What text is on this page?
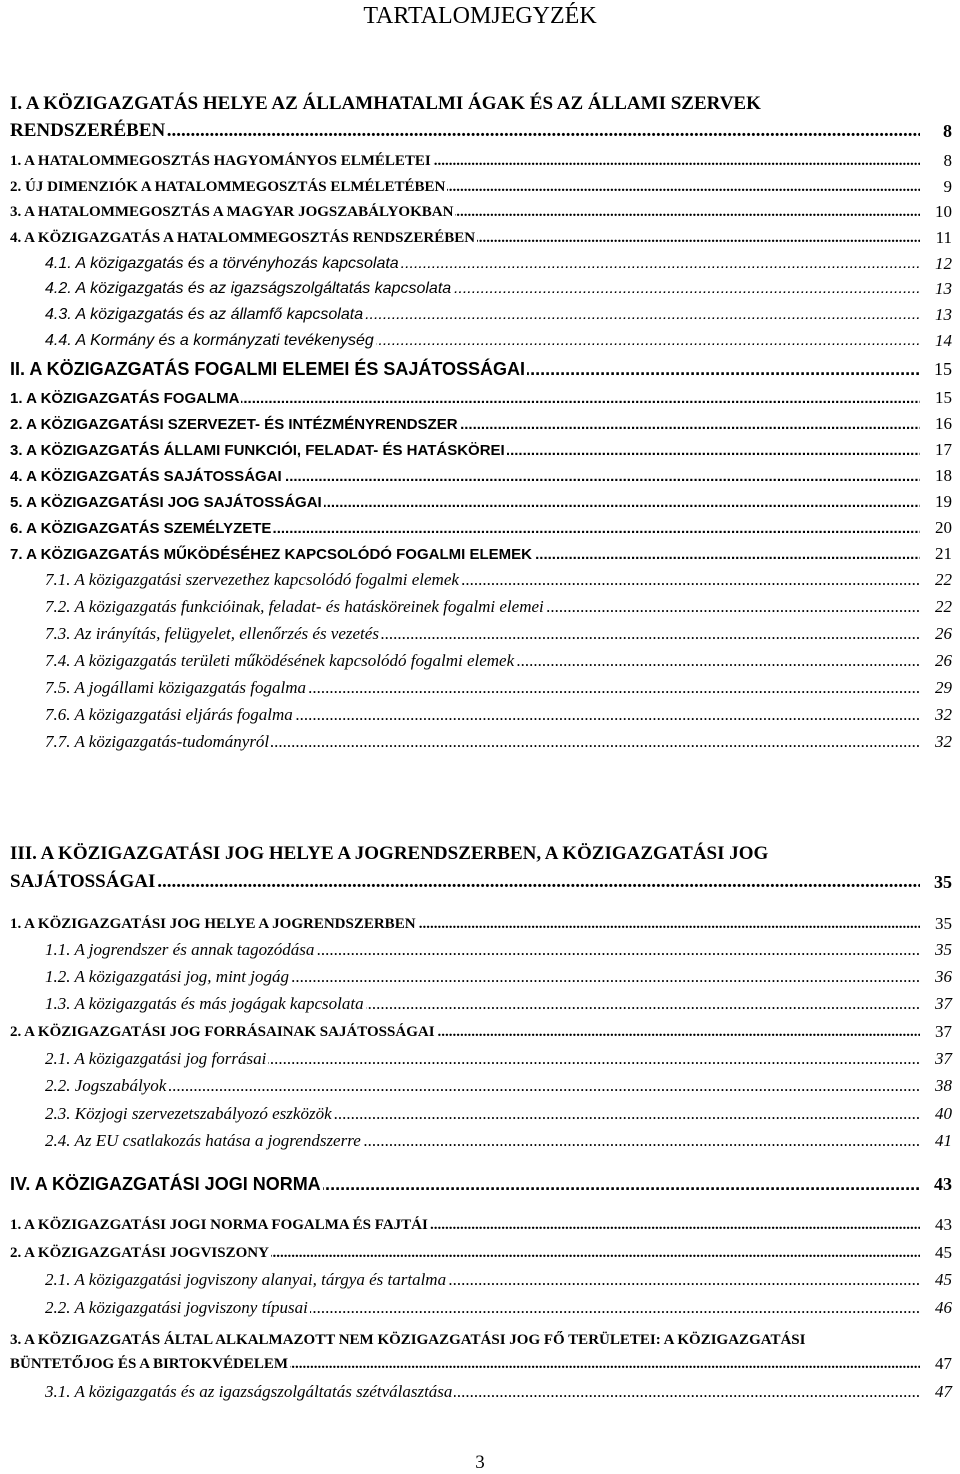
TARTALOMJEGYZÉK
I. A KÖZIGAZGATÁS HELYE AZ ÁLLAMHATALMI ÁGAK ÉS AZ ÁLLAMI SZERVEK
RENDSZERÉBEN .....	8
1. A HATALOMMEGOSZTÁS HAGYOMÁNYOS ELMÉLETEI .....	8
2. ÚJ DIMENZIÓK A HATALOMMEGOSZTÁS ELMÉLETÉBEN .....	9
3. A HATALOMMEGOSZTÁS A MAGYAR JOGSZABÁLYOKBAN .....	10
4. A KÖZIGAZGATÁS A HATALOMMEGOSZTÁS RENDSZERÉBEN .....	11
4.1. A közigazgatás és a törvényhozás kapcsolata .....	12
4.2. A közigazgatás és az igazságszolgáltatás kapcsolata .....	13
4.3. A közigazgatás és az államfő kapcsolata .....	13
4.4. A Kormány és a kormányzati tevékenység .....	14
II. A KÖZIGAZGATÁS FOGALMI ELEMEI ÉS SAJÁTOSSÁGAI .....	15
1. A KÖZIGAZGATÁS FOGALMA .....	15
2. A KÖZIGAZGATÁSI SZERVEZET- ÉS INTÉZMÉNYRENDSZER .....	16
3. A KÖZIGAZGATÁS ÁLLAMI FUNKCIÓI, FELADAT- ÉS HATÁSKÖREI .....	17
4. A KÖZIGAZGATÁS SAJÁTOSSÁGAI .....	18
5. A KÖZIGAZGATÁSI JOG SAJÁTOSSÁGAI .....	19
6. A KÖZIGAZGATÁS SZEMÉLYZETE .....	20
7. A KÖZIGAZGATÁS MŰKÖDÉSÉHEZ KAPCSOLÓDÓ FOGALMI ELEMEK .....	21
7.1. A közigazgatási szervezethez kapcsolódó fogalmi elemek .....	22
7.2. A közigazgatás funkcióinak, feladat- és hatásköreinek fogalmi elemei .....	22
7.3. Az irányítás, felügyelet, ellenőrzés és vezetés .....	26
7.4. A közigazgatás területi működésének kapcsolódó fogalmi elemek .....	26
7.5. A jogállami közigazgatás fogalma .....	29
7.6. A közigazgatási eljárás fogalma .....	32
7.7. A közigazgatás-tudományról .....	32
III. A KÖZIGAZGATÁSI JOG HELYE A JOGRENDSZERBEN, A KÖZIGAZGATÁSI JOG
SAJÁTOSSÁGAI .....	35
1. A KÖZIGAZGATÁSI JOG HELYE A JOGRENDSZERBEN .....	35
1.1. A jogrendszer és annak tagozódása .....	35
1.2. A közigazgatási jog, mint jogág .....	36
1.3. A közigazgatás és más jogágak kapcsolata .....	37
2. A KÖZIGAZGATÁSI JOG FORRÁSAINAK SAJÁTOSSÁGAI .....	37
2.1. A közigazgatási jog forrásai .....	37
2.2. Jogszabályok .....	38
2.3. Közjogi szervezetszabályozó eszközök .....	40
2.4. Az EU csatlakozás hatása a jogrendszerre .....	41
IV. A KÖZIGAZGATÁSI JOGI NORMA .....	43
1. A KÖZIGAZGATÁSI JOGI NORMA FOGALMA ÉS FAJTÁI .....	43
2. A KÖZIGAZGATÁSI JOGVISZONY .....	45
2.1. A közigazgatási jogviszony alanyai, tárgya és tartalma .....	45
2.2. A közigazgatási jogviszony típusai .....	46
3. A KÖZIGAZGATÁS ÁLTAL ALKALMAZOTT NEM KÖZIGAZGATÁSI JOG FŐ TERÜLETEI: A KÖZIGAZGATÁSI
BÜNTETŐJOG ÉS A BIRTOKVÉDELEM .....	47
3.1. A közigazgatás és az igazságszolgáltatás szétválasztása .....	47
3
